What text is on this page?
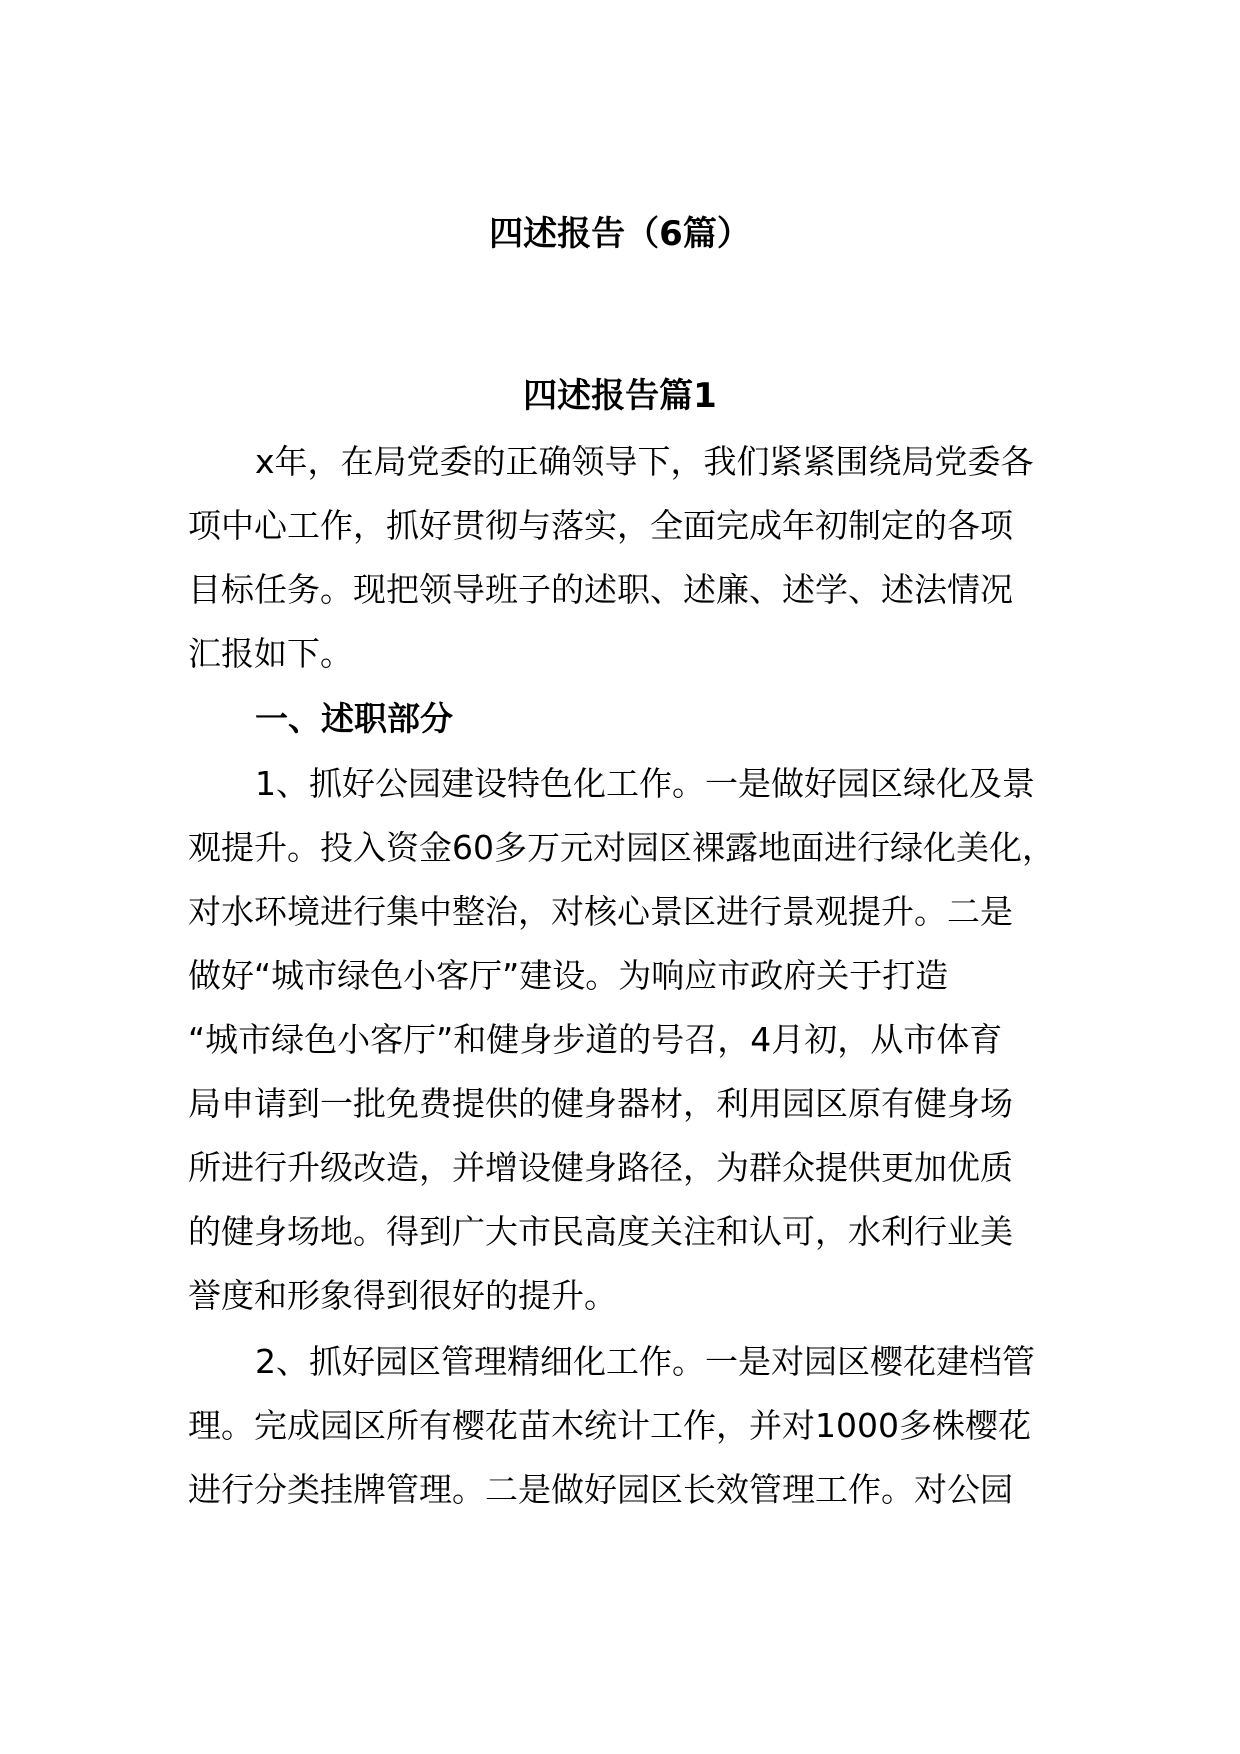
四述报告（6篇）
四述报告篇1

x年，在局党委的正确领导下，我们紧紧围绕局党委各

项中心工作，抓好贯彻与落实，全面完成年初制定的各项

目标任务。现把领导班子的述职、述廉、述学、述法情况

汇报如下。

一、述职部分

1、抓好公园建设特色化工作。一是做好园区绿化及景

观提升。投入资金60多万元对园区裸露地面进行绿化美化，

对水环境进行集中整治，对核心景区进行景观提升。二是

做好“城市绿色小客厅”建设。为响应市政府关于打造

“城市绿色小客厅”和健身步道的号召，4月初，从市体育

局申请到一批免费提供的健身器材，利用园区原有健身场

所进行升级改造，并增设健身路径，为群众提供更加优质

的健身场地。得到广大市民高度关注和认可，水利行业美

誉度和形象得到很好的提升。

2、抓好园区管理精细化工作。一是对园区樱花建档管

理。完成园区所有樱花苗木统计工作，并对1000多株樱花

进行分类挂牌管理。二是做好园区长效管理工作。对公园
